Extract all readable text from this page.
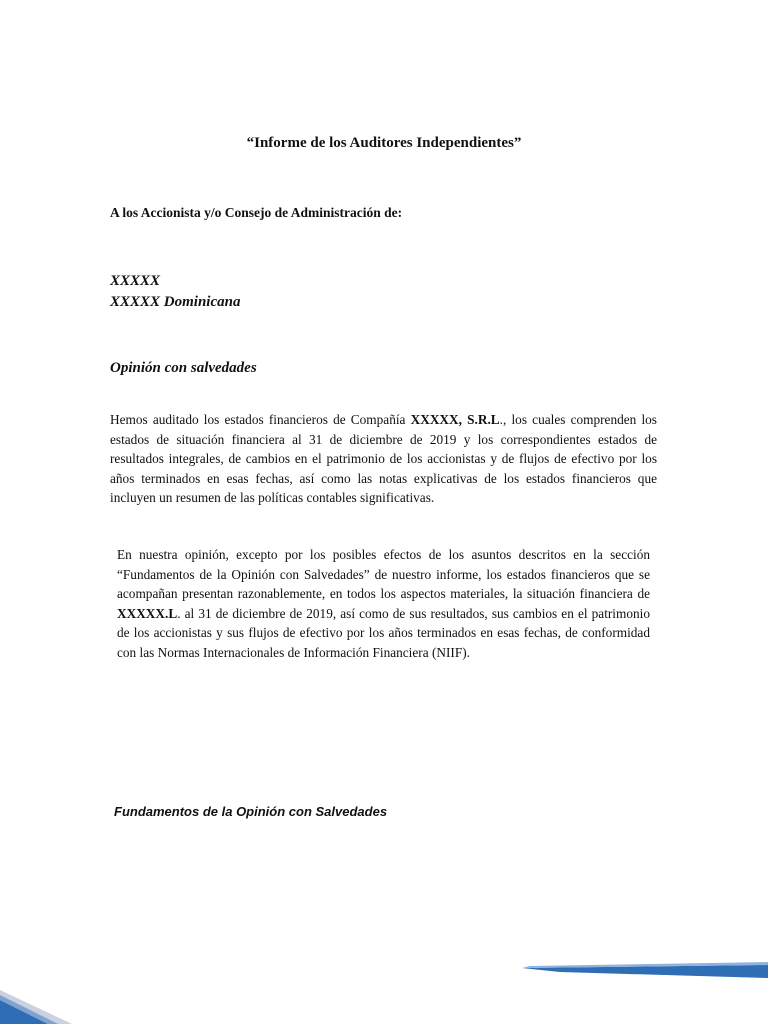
“Informe de los Auditores Independientes”

A los Accionista y/o Consejo de Administración de:

XXXXX

XXXXX Dominicana

Opinión con salvedades

Hemos auditado los estados financieros de Compañía XXXXX, S.R.L., los cuales comprenden los estados de situación financiera al 31 de diciembre de 2019 y los correspondientes estados de resultados integrales, de cambios en el patrimonio de los accionistas y de flujos de efectivo por los años terminados en esas fechas, así como las notas explicativas de los estados financieros que incluyen un resumen de las políticas contables significativas.

En nuestra opinión, excepto por los posibles efectos de los asuntos descritos en la sección “Fundamentos de la Opinión con Salvedades” de nuestro informe, los estados financieros que se acompañan presentan razonablemente, en todos los aspectos materiales, la situación financiera de XXXXX.L. al 31 de diciembre de 2019, así como de sus resultados, sus cambios en el patrimonio de los accionistas y sus flujos de efectivo por los años terminados en esas fechas, de conformidad con las Normas Internacionales de Información Financiera (NIIF).

Fundamentos de la Opinión con Salvedades
